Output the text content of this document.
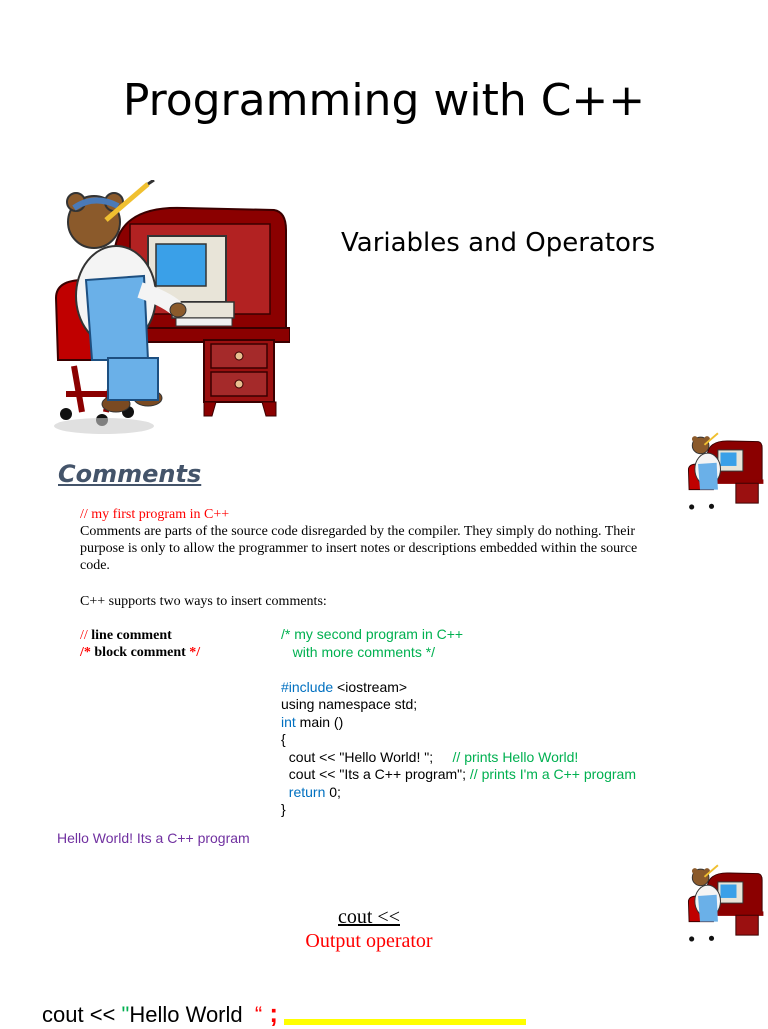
Programming with C++
Variables and Operators
Comments
// my first program in C++
Comments are parts of the source code disregarded by the compiler. They simply do nothing. Their purpose is only to allow the programmer to insert notes or descriptions embedded within the source code.
C++ supports two ways to insert comments:
// line comment
/* block comment */
/* my second program in C++
with more comments */

#include <iostream>
using namespace std;
int main ()
{
cout << "Hello World! ";     // prints Hello World!
cout << "Its a C++ program"; // prints I'm a C++ program
return 0;
}
Hello World! Its a C++ program
cout <<
Output operator
cout << "Hello World  “ ;
